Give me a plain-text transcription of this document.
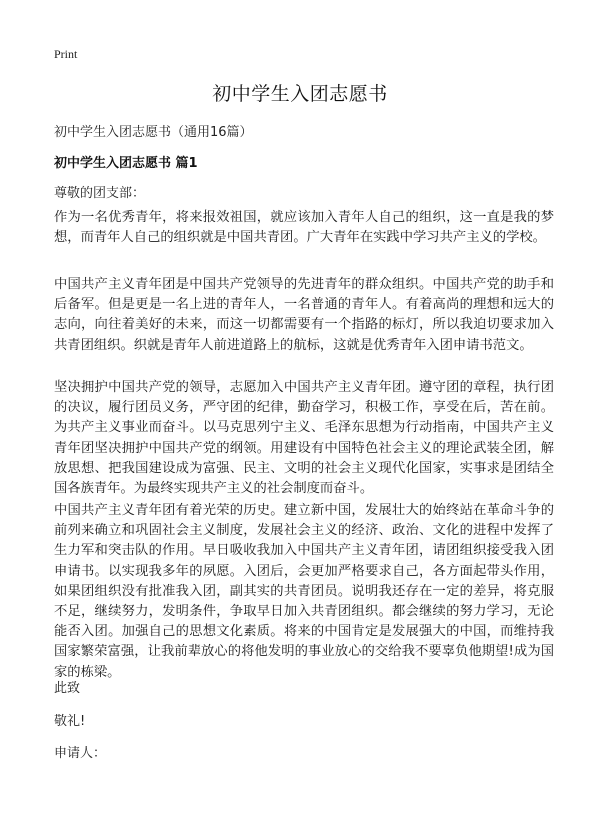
Print
初中学生入团志愿书
初中学生入团志愿书（通用16篇）
初中学生入团志愿书 篇1
尊敬的团支部：

作为一名优秀青年，将来报效祖国，就应该加入青年人自己的组织，这一直是我的梦想，而青年人自己的组织就是中国共青团。广大青年在实践中学习共产主义的学校。

中国共产主义青年团是中国共产党领导的先进青年的群众组织。中国共产党的助手和后备军。但是更是一名上进的青年人，一名普通的青年人。有着高尚的理想和远大的志向，向往着美好的未来，而这一切都需要有一个指路的标灯，所以我迫切要求加入共青团组织。织就是青年人前进道路上的航标，这就是优秀青年入团申请书范文。

坚决拥护中国共产党的领导，志愿加入中国共产主义青年团。遵守团的章程，执行团的决议，履行团员义务，严守团的纪律，勤奋学习，积极工作，享受在后，苦在前。为共产主义事业而奋斗。以马克思列宁主义、毛泽东思想为行动指南，中国共产主义青年团坚决拥护中国共产党的纲领。用建设有中国特色社会主义的理论武装全团，解放思想、把我国建设成为富强、民主、文明的社会主义现代化国家，实事求是团结全国各族青年。为最终实现共产主义的社会制度而奋斗。

中国共产主义青年团有着光荣的历史。建立新中国，发展壮大的始终站在革命斗争的前列来确立和巩固社会主义制度，发展社会主义的经济、政治、文化的进程中发挥了生力军和突击队的作用。早日吸收我加入中国共产主义青年团，请团组织接受我入团申请书。以实现我多年的夙愿。入团后，会更加严格要求自己，各方面起带头作用，如果团组织没有批准我入团，副其实的共青团员。说明我还存在一定的差异，将克服不足，继续努力，发明条件，争取早日加入共青团组织。都会继续的努力学习，无论能否入团。加强自己的思想文化素质。将来的中国肯定是发展强大的中国，而维持我国家繁荣富强，让我前辈放心的将他发明的事业放心的交给我不要辜负他期望!成为国家的栋梁。

此致
敬礼!
申请人：
